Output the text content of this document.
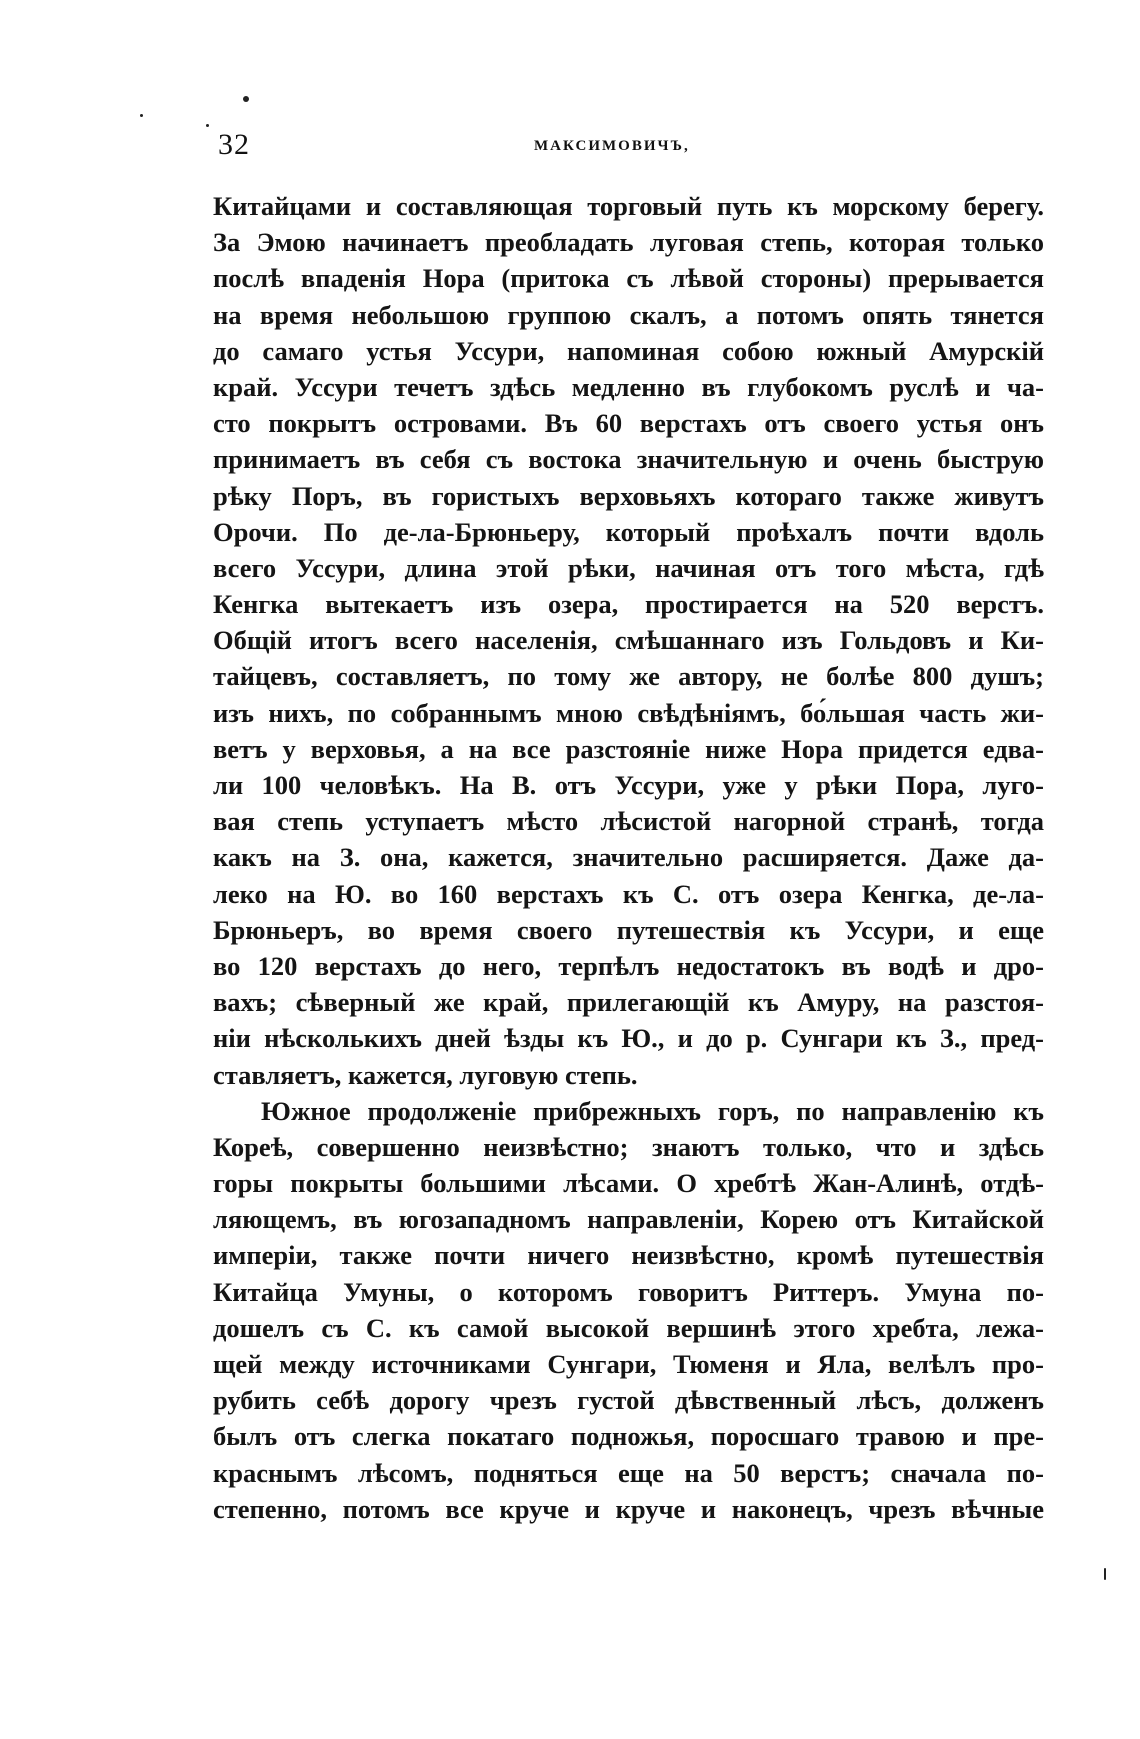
32	МАКСИМОВИЧЪ,
Китайцами и составляющая торговый путь къ морскому берегу.
За Эмою начинаетъ преобладать луговая степь, которая только
послѣ впаденія Нора (притока съ лѣвой стороны) прерывается
на время небольшою группою скалъ, а потомъ опять тянется
до самаго устья Уссури, напоминая собою южный Амурскій
край. Уссури течетъ здѣсь медленно въ глубокомъ руслѣ и ча-
сто покрытъ островами. Въ 60 верстахъ отъ своего устья онъ
принимаетъ въ себя съ востока значительную и очень быструю
рѣку Поръ, въ гористыхъ верховьяхъ котораго также живутъ
Орочи. По де-ла-Брюньеру, который проѣхалъ почти вдоль
всего Уссури, длина этой рѣки, начиная отъ того мѣста, гдѣ
Кенгка вытекаетъ изъ озера, простирается на 520 верстъ.
Общій итогъ всего населенія, смѣшаннаго изъ Гольдовъ и Ки-
тайцевъ, составляетъ, по тому же автору, не болѣе 800 душъ;
изъ нихъ, по собраннымъ мною свѣдѣніямъ, бо́льшая часть жи-
ветъ у верховья, а на все разстояніе ниже Нора придется едва-
ли 100 человѣкъ. На В. отъ Уссури, уже у рѣки Пора, луго-
вая степь уступаетъ мѣсто лѣсистой нагорной странѣ, тогда
какъ на З. она, кажется, значительно расширяется. Даже да-
леко на Ю. во 160 верстахъ къ С. отъ озера Кенгка, де-ла-
Брюньеръ, во время своего путешествія къ Уссури, и еще
во 120 верстахъ до него, терпѣлъ недостатокъ въ водѣ и дро-
вахъ; сѣверный же край, прилегающій къ Амуру, на разстоя-
ніи нѣсколькихъ дней ѣзды къ Ю., и до р. Сунгари къ З., пред-
ставляетъ, кажется, луговую степь.
Южное продолженіе прибрежныхъ горъ, по направленію къ
Кореѣ, совершенно неизвѣстно; знаютъ только, что и здѣсь
горы покрыты большими лѣсами. О хребтѣ Жан-Алинѣ, отдѣ-
ляющемъ, въ югозападномъ направленіи, Корею отъ Китайской
имперіи, также почти ничего неизвѣстно, кромѣ путешествія
Китайца Умуны, о которомъ говоритъ Риттеръ. Умуна по-
дошелъ съ С. къ самой высокой вершинѣ этого хребта, лежа-
щей между источниками Сунгари, Тюменя и Яла, велѣлъ про-
рубить себѣ дорогу чрезъ густой дѣвственный лѣсъ, долженъ
былъ отъ слегка покатаго подножья, поросшаго травою и пре-
краснымъ лѣсомъ, подняться еще на 50 верстъ; сначала по-
степенно, потомъ все круче и круче и наконецъ, чрезъ вѣчные
